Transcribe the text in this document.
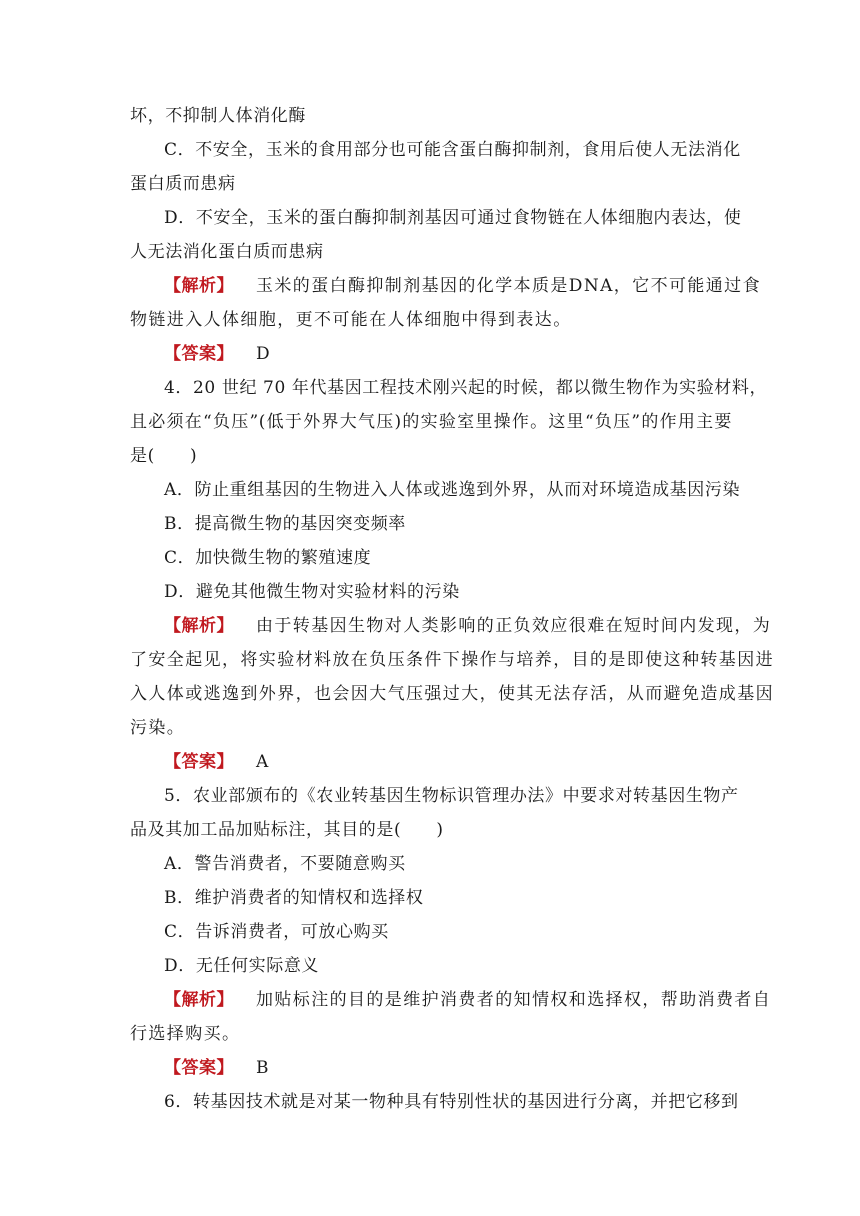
坏，不抑制人体消化酶
C．不安全，玉米的食用部分也可能含蛋白酶抑制剂，食用后使人无法消化
蛋白质而患病
D．不安全，玉米的蛋白酶抑制剂基因可通过食物链在人体细胞内表达，使
人无法消化蛋白质而患病
【解析】 玉米的蛋白酶抑制剂基因的化学本质是DNA，它不可能通过食
物链进入人体细胞，更不可能在人体细胞中得到表达。
【答案】 D
4．20 世纪 70 年代基因工程技术刚兴起的时候，都以微生物作为实验材料，
且必须在“负压”(低于外界大气压)的实验室里操作。这里“负压”的作用主要
是(　　)
A．防止重组基因的生物进入人体或逃逸到外界，从而对环境造成基因污染
B．提高微生物的基因突变频率
C．加快微生物的繁殖速度
D．避免其他微生物对实验材料的污染
【解析】 由于转基因生物对人类影响的正负效应很难在短时间内发现，为
了安全起见，将实验材料放在负压条件下操作与培养，目的是即使这种转基因进
入人体或逃逸到外界，也会因大气压强过大，使其无法存活，从而避免造成基因
污染。
【答案】 A
5．农业部颁布的《农业转基因生物标识管理办法》中要求对转基因生物产
品及其加工品加贴标注，其目的是(　　)
A．警告消费者，不要随意购买
B．维护消费者的知情权和选择权
C．告诉消费者，可放心购买
D．无任何实际意义
【解析】 加贴标注的目的是维护消费者的知情权和选择权，帮助消费者自
行选择购买。
【答案】 B
6．转基因技术就是对某一物种具有特别性状的基因进行分离，并把它移到
